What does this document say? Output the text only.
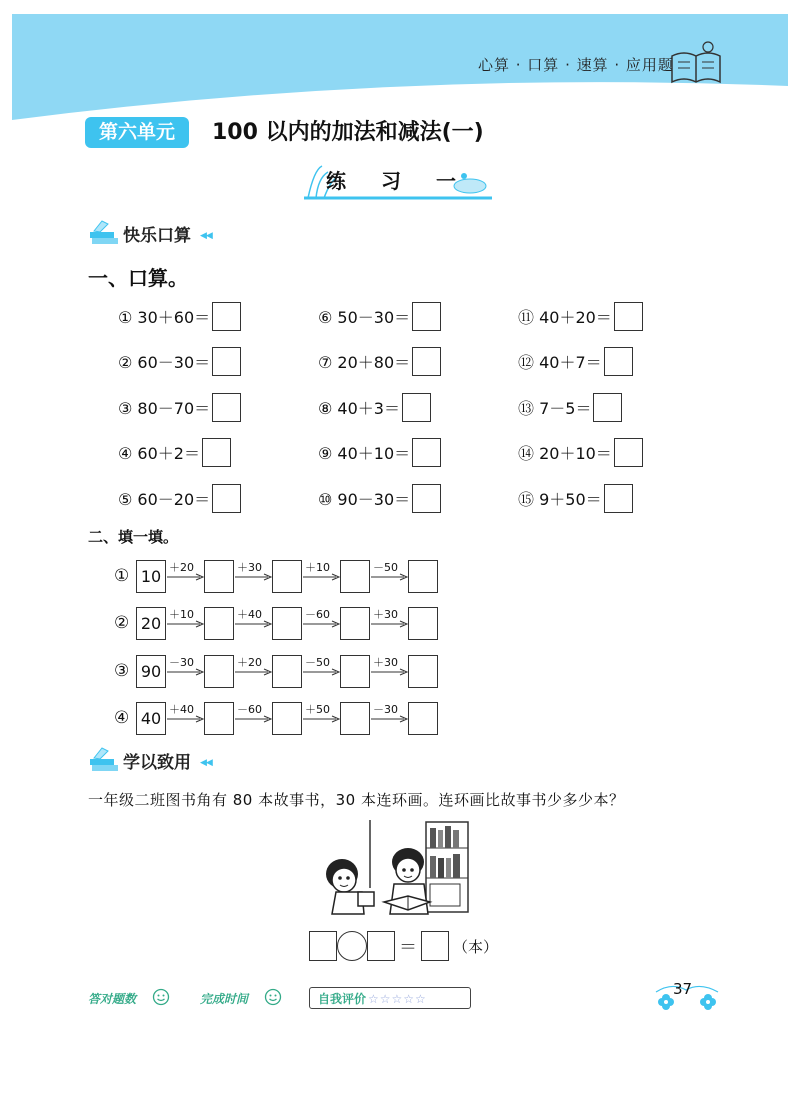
心算 · 口算 · 速算 · 应用题
第六单元	100 以内的加法和减法(一)
练 习 一
快乐口算 ◀◀
一、口算。
① 30＋60＝
② 60－30＝
③ 80－70＝
④ 60＋2＝
⑤ 60－20＝
⑥ 50－30＝
⑦ 20＋80＝
⑧ 40＋3＝
⑨ 40＋10＝
⑩ 90－30＝
⑪ 40＋20＝
⑫ 40＋7＝
⑬ 7－5＝
⑭ 20＋10＝
⑮ 9＋50＝
二、填一填。
① 10 ＋20	＋30	＋10	－50
② 20 ＋10	＋40	－60	＋30
③ 90 －30	＋20	－50	＋30
④ 40 ＋40	－60	＋50	－30
学以致用 ◀◀
一年级二班图书角有 80 本故事书，30 本连环画。连环画比故事书少多少本？
＝ （本）
答对题数	完成时间	自我评价 ☆☆☆☆☆
37
